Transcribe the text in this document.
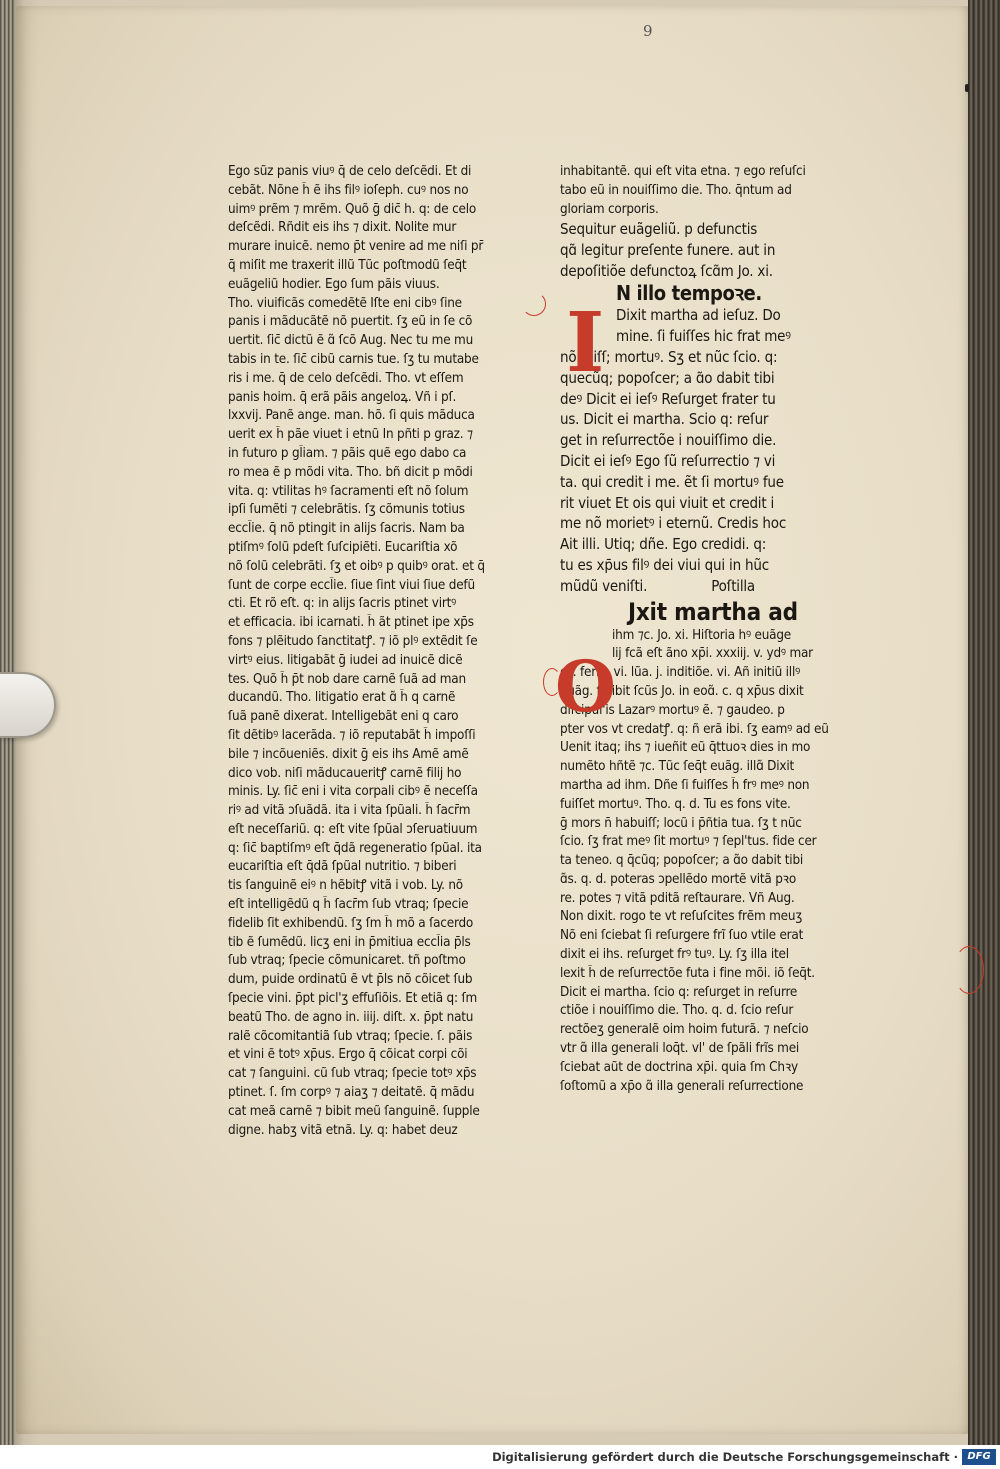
9

Ego sũz panis viuꝰ q̄ de celo deſcẽdi. Et di

cebãt. Nõne h̄ ẽ ihs filꝰ ioſeph. cuꝰ nos no

uimꝰ prẽm ⁊ mrẽm. Quõ ḡ dic̄ h. q: de celo

deſcẽdi. Rñdit eis ihs ⁊ dixit. Nolite mur

murare inuicẽ. nemo p̄t venire ad me niſi pr̄

q̄ miſit me traxerit illũ Tũc poſtmodũ ſeq̄t

euãgeliũ hodier. Ego ſum pãis viuus.

Tho. viuificãs comedẽtẽ Iſte eni cibꝰ ſine

panis i mãducãtẽ nõ puertit. ſʒ eũ in ſe cõ

uertit. ſic̄ dictũ ẽ ɑ̃ ſcõ Aug. Nec tu me mu

tabis in te. ſic̄ cibũ carnis tue. ſʒ tu mutabe

ris i me. q̄ de celo deſcẽdi. Tho. vt eſſem

panis hoim. q̄ erã pãis angeloꝝ. Vñ i pſ.

lxxvij. Panẽ ange. man. hõ. ſi quis mãduca

uerit ex h̄ pãe viuet i etnũ In pñti p graz. ⁊

in futuro p gl̄iam. ⁊ pãis quẽ ego dabo ca

ro mea ẽ p mõdi vita. Tho. bñ dicit p mõdi

vita. q: vtilitas hꝰ ſacramenti eſt nõ ſolum

ipſi ſumẽti ⁊ celebrãtis. ſʒ cõmunis totius

eccl̄ie. q̄ nõ ptingit in alijs ſacris. Nam ba

ptiſmꝰ ſolũ pdeſt ſuſcipiẽti. Eucariſtia xõ

nõ ſolũ celebrãti. ſʒ et oibꝰ p quibꝰ orat. et q̄

ſunt de corpe eccl̄ie. ſiue ſint viui ſiue defũ

cti. Et rõ eſt. q: in alijs ſacris ptinet virtꝰ

et efficacia. ibi icarnati. h̄ ãt ptinet ipe xp̄s

fons ⁊ plẽitudo ſanctitatꝭ. ⁊ iõ plꝰ extẽdit ſe

virtꝰ eius. litigabãt ḡ iudei ad inuicẽ dicẽ

tes. Quõ h̄ p̄t nob dare carnẽ ſuã ad man

ducandũ. Tho. litigatio erat ɑ̃ h̄ q carnẽ

ſuã panẽ dixerat. Intelligebãt eni q caro

ſit dẽtibꝰ lacerãda. ⁊ iõ reputabãt h̄ impoſſi

bile ⁊ incõueniẽs. dixit ḡ eis ihs Amẽ amẽ

dico vob. niſi mãducaueritꝭ carnẽ filij ho

minis. Ly. ſic̄ eni i vita corpali cibꝰ ẽ neceſſa

riꝰ ad vitã ɔſuãdã. ita i vita ſpũali. h̄ ſacr̄m

eſt neceſſariũ. q: eſt vite ſpũal ɔſeruatiuum

q: ſic̄ baptiſmꝰ eſt q̄dã regeneratio ſpũal. ita

eucariſtia eſt q̄dã ſpũal nutritio. ⁊ biberi

tis ſanguinẽ eiꝰ n hẽbitꝭ vitã i vob. Ly. nõ

eſt intelligẽdũ q h̄ ſacr̄m ſub vtraq; ſpecie

fidelib ſit exhibendũ. ſʒ ſm h̄ mõ a ſacerdo

tib ẽ ſumẽdũ. licʒ eni in p̄mitiua eccl̄ia p̄ls

ſub vtraq; ſpecie cõmunicaret. tñ poſtmo

dum, puide ordinatũ ẽ vt p̄ls nõ cõicet ſub

ſpecie vini. p̄pt picl'ʒ effuſiõis. Et etiã q: ſm

beatũ Tho. de agno in. iiij. diſt. x. p̄pt natu

ralẽ cõcomitantiã ſub vtraq; ſpecie. ſ. pãis

et vini ẽ totꝰ xp̄us. Ergo q̄ cõicat corpi cõi

cat ⁊ ſanguini. cũ ſub vtraq; ſpecie totꝰ xp̄s

ptinet. ſ. ſm corpꝰ ⁊ aiaʒ ⁊ deitatẽ. q̄ mãdu

cat meã carnẽ ⁊ bibit meũ ſanguinẽ. ſupple

digne. habʒ vitã etnã. Ly. q: habet deuz

inhabitantẽ. qui eſt vita etna. ⁊ ego reſuſci

tabo eũ in nouiſſimo die. Tho. q̄ntum ad

gloriam corporis.

Sequitur euãgeliũ. p defunctis

qɑ̃ legitur preſente funere. aut in

depoſitiõe defunctoꝝ ſcɑ̃m Jo. xi.

N illo tempoꝛe.

Dixit martha ad ieſuz. Do

mine. ſi fuiſſes hic frat meꝰ

nõ fuiſſ; mortuꝰ. Sʒ et nũc ſcio. q:

quecũq; popoſcer; a ɑ̃o dabit tibi

deꝰ Dicit ei ieſꝰ Reſurget frater tu

us. Dicit ei martha. Scio q: reſur

get in reſurrectõe i nouiſſimo die.

Dicit ei ieſꝰ Ego ſũ reſurrectio ⁊ vi

ta. qui credit i me. ẽt ſi mortuꝰ fue

rit viuet Et ois qui viuit et credit i

me nõ morietꝰ i eternũ. Credis hoc

Ait illi. Utiq; dñe. Ego credidi. q:

tu es xp̄us filꝰ dei viui qui in hũc

mũdũ veniſti.	Poſtilla

Jxit martha ad

ihm ⁊c. Jo. xi. Hiſtoria hꝰ euãge

lij fcã eſt ãno xp̄i. xxxiij. v. ydꝰ mar

cij. feria. vi. lũa. j. inditiõe. vi. Añ initiũ illꝰ

euãg. ſcribit ſcũs Jo. in eoɑ̃. c. q xp̄us dixit

diſcipul'is Lazarꝰ mortuꝰ ẽ. ⁊ gaudeo. p

pter vos vt credatꝭ. q: ñ erã ibi. ſʒ eamꝰ ad eũ

Uenit itaq; ihs ⁊ iueñit eũ q̄ttuoꝛ dies in mo

numẽto hñtẽ ⁊c. Tũc ſeq̄t euãg. illɑ̃ Dixit

martha ad ihm. Dñe ſi fuiſſes h̄ frꝰ meꝰ non

fuiſſet mortuꝰ. Tho. q. d. Tu es fons vite.

ḡ mors n̄ habuiſſ; locũ i p̄ñtia tua. ſʒ t nũc

ſcio. ſʒ frat meꝰ ſit mortuꝰ ⁊ ſepl'tus. fide cer

ta teneo. q q̄cũq; popoſcer; a ɑ̃o dabit tibi

ɑ̃s. q. d. poteras ɔpellẽdo mortẽ vitã pꝛo

re. potes ⁊ vitã pditã reſtaurare. Vñ Aug.

Non dixit. rogo te vt reſuſcites frẽm meuʒ

Nõ eni ſciebat ſi reſurgere frĩ ſuo vtile erat

dixit ei ihs. reſurget frꝰ tuꝰ. Ly. ſʒ illa itel

lexit h̄ de reſurrectõe futa i fine mõi. iõ ſeq̄t.

Dicit ei martha. ſcio q: reſurget in reſurre

ctiõe i nouiſſimo die. Tho. q. d. ſcio reſur

rectõeʒ generalẽ oim hoim futurã. ⁊ neſcio

vtr ɑ̃ illa generali loq̄t. vl' de ſpãli frĩs mei

ſciebat aũt de doctrina xp̄i. quia ſm Chꝛy

ſoſtomũ a xp̄o ɑ̃ illa generali reſurrectione

I
O
Digitalisierung gefördert durch die Deutsche Forschungsgemeinschaft · DFG
